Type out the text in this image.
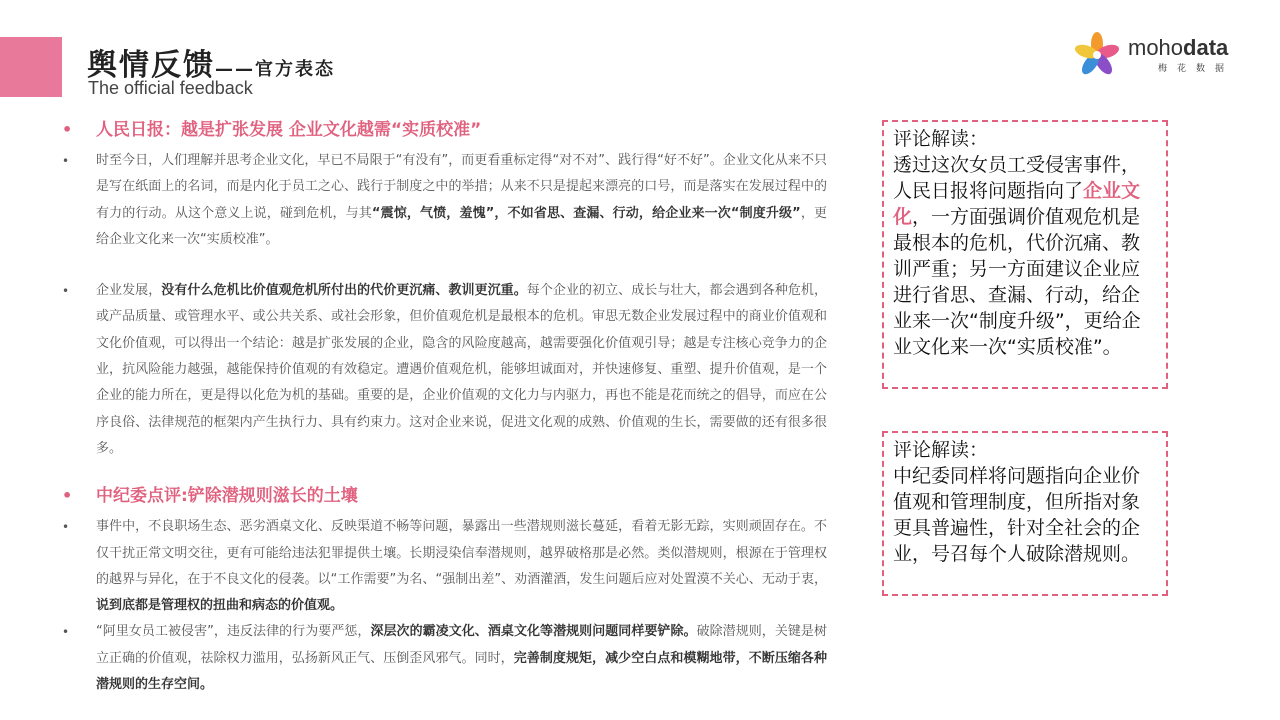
舆情反馈——官方表态
The official feedback
mohodata
梅花数据
• 人民日报：越是扩张发展 企业文化越需“实质校准”
• 时至今日，人们理解并思考企业文化，早已不局限于“有没有”，而更看重标定得“对不对”、践行得“好不好”。企业文化从来不只是写在纸面上的名词，而是内化于员工之心、践行于制度之中的举措；从来不只是提起来漂亮的口号，而是落实在发展过程中的有力的行动。从这个意义上说，碰到危机，与其“震惊，气愤，羞愧”，不如省思、查漏、行动，给企业来一次“制度升级”，更给企业文化来一次“实质校准”。
• 企业发展，没有什么危机比价值观危机所付出的代价更沉痛、教训更沉重。每个企业的初立、成长与壮大，都会遇到各种危机，或产品质量、或管理水平、或公共关系、或社会形象，但价值观危机是最根本的危机。审思无数企业发展过程中的商业价值观和文化价值观，可以得出一个结论：越是扩张发展的企业，隐含的风险度越高，越需要强化价值观引导；越是专注核心竞争力的企业，抗风险能力越强，越能保持价值观的有效稳定。遭遇价值观危机，能够坦诚面对，并快速修复、重塑、提升价值观，是一个企业的能力所在，更是得以化危为机的基础。重要的是，企业价值观的文化力与内驱力，再也不能是花而统之的倡导，而应在公序良俗、法律规范的框架内产生执行力、具有约束力。这对企业来说，促进文化观的成熟、价值观的生长，需要做的还有很多很多。
• 中纪委点评:铲除潜规则滋长的土壤
• 事件中，不良职场生态、恶劣酒桌文化、反映渠道不畅等问题，暴露出一些潜规则滋长蔓延，看着无影无踪，实则顽固存在。不仅干扰正常文明交往，更有可能给违法犯罪提供土壤。长期浸染信奉潜规则，越界破格那是必然。类似潜规则，根源在于管理权的越界与异化，在于不良文化的侵袭。以“工作需要”为名、“强制出差”、劝酒灌酒，发生问题后应对处置漠不关心、无动于衷，说到底都是管理权的扭曲和病态的价值观。
• “阿里女员工被侵害”，违反法律的行为要严惩，深层次的霸凌文化、酒桌文化等潜规则问题同样要铲除。破除潜规则，关键是树立正确的价值观，祛除权力滥用，弘扬新风正气、压倒歪风邪气。同时，完善制度规矩，减少空白点和模糊地带，不断压缩各种潜规则的生存空间。
评论解读：
透过这次女员工受侵害事件，人民日报将问题指向了企业文化，一方面强调价值观危机是最根本的危机，代价沉痛、教训严重；另一方面建议企业应进行省思、查漏、行动，给企业来一次“制度升级”，更给企业文化来一次“实质校准”。
评论解读：
中纪委同样将问题指向企业价值观和管理制度，但所指对象更具普遍性，针对全社会的企业，号召每个人破除潜规则。
